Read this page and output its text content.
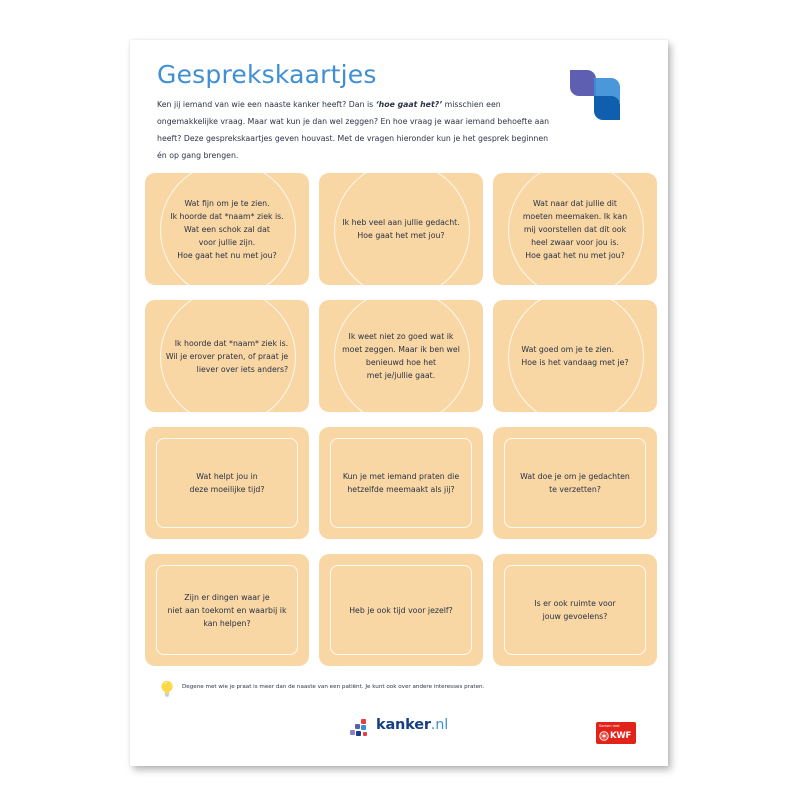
Gesprekskaartjes

Ken jij iemand van wie een naaste kanker heeft? Dan is ‘hoe gaat het?’ misschien een ongemakkelijke vraag. Maar wat kun je dan wel zeggen? En hoe vraag je waar iemand behoefte aan heeft? Deze gesprekskaartjes geven houvast. Met de vragen hieronder kun je het gesprek beginnen én op gang brengen.

Wat fijn om je te zien.
Ik hoorde dat *naam* ziek is.
Wat een schok zal dat
voor jullie zijn.
Hoe gaat het nu met jou?

Ik heb veel aan jullie gedacht.
Hoe gaat het met jou?

Wat naar dat jullie dit
moeten meemaken. Ik kan
mij voorstellen dat dit ook
heel zwaar voor jou is.
Hoe gaat het nu met jou?

Ik hoorde dat *naam* ziek is.
Wil je erover praten, of praat je
liever over iets anders?

Ik weet niet zo goed wat ik
moet zeggen. Maar ik ben wel
benieuwd hoe het
met je/jullie gaat.

Wat goed om je te zien.
Hoe is het vandaag met je?

Wat helpt jou in
deze moeilijke tijd?

Kun je met iemand praten die
hetzelfde meemaakt als jij?

Wat doe je om je gedachten
te verzetten?

Zijn er dingen waar je
niet aan toekomt en waarbij ik
kan helpen?

Heb je ook tijd voor jezelf?

Is er ook ruimte voor
jouw gevoelens?

Degene met wie je praat is meer dan de naaste van een patiënt. Je kunt ook over andere interesses praten.

kanker.nl	Samen met

KWF
